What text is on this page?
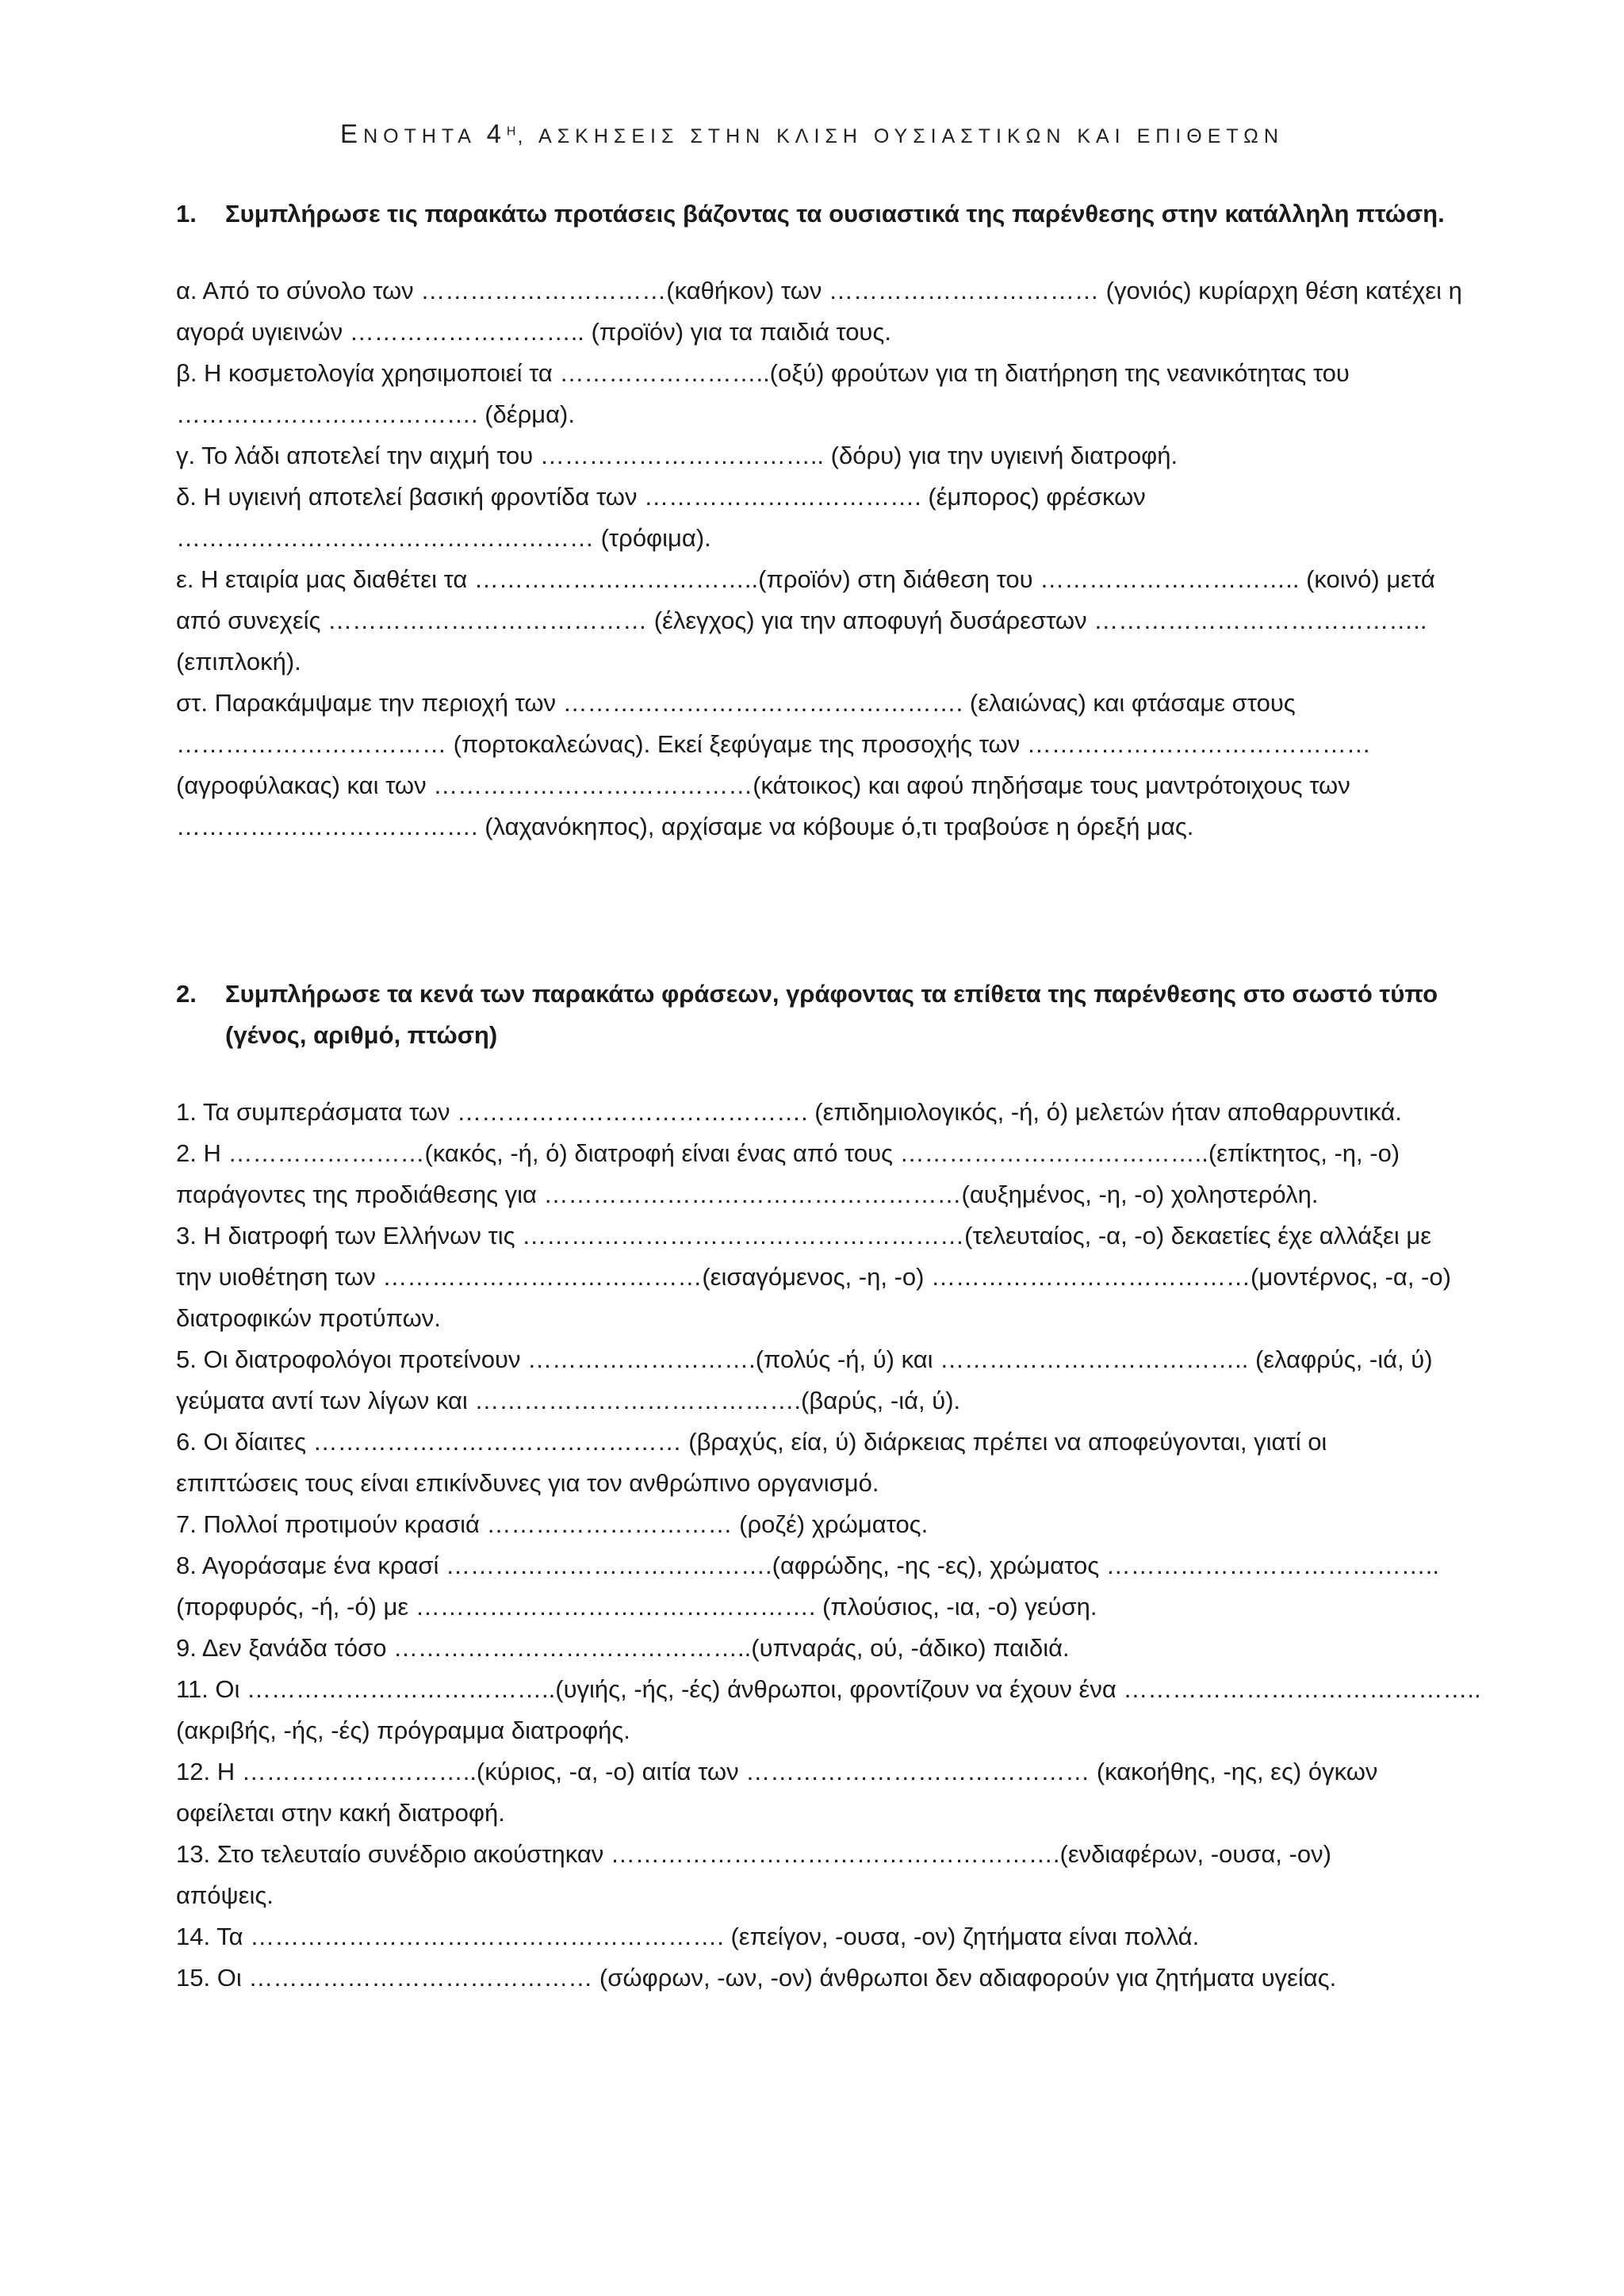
ΕΝΟΤΗΤΑ $4^H$, ΑΣΚΗΣΕΙΣ ΣΤΗΝ ΚΛΙΣΗ ΟΥΣΙΑΣΤΙΚΩΝ ΚΑΙ ΕΠΙΘΕΤΩΝ
1.	Συμπλήρωσε τις παρακάτω προτάσεις βάζοντας τα ουσιαστικά της παρένθεσης στην κατάλληλη πτώση.
α. Από το σύνολο των …………………………(καθήκον) των …………………………… (γονιός) κυρίαρχη θέση κατέχει η
αγορά υγιεινών ……………………….. (προϊόν) για τα παιδιά τους.
β. Η κοσμετολογία χρησιμοποιεί τα ……………………..(οξύ) φρούτων για τη διατήρηση της νεανικότητας του
………………………………. (δέρμα).
γ. Το λάδι αποτελεί την αιχμή του …………………………….. (δόρυ) για την υγιεινή διατροφή.
δ. Η υγιεινή αποτελεί βασική φροντίδα των ……………………………. (έμπορος) φρέσκων
…………………………………………… (τρόφιμα).
ε. Η εταιρία μας διαθέτει τα ……………………………..(προϊόν) στη διάθεση του ………………………….. (κοινό) μετά
από συνεχείς ………………………………… (έλεγχος) για την αποφυγή δυσάρεστων …………………………………..
(επιπλοκή).
στ. Παρακάμψαμε την περιοχή των …………………………………………. (ελαιώνας) και φτάσαμε στους
…………………………… (πορτοκαλεώνας). Εκεί ξεφύγαμε της προσοχής των ……………………………………
(αγροφύλακας) και των …………………………………(κάτοικος) και αφού πηδήσαμε τους μαντρότοιχους των
………………………………. (λαχανόκηπος), αρχίσαμε να κόβουμε ό,τι τραβούσε η όρεξή μας.
2.	Συμπλήρωσε τα κενά των παρακάτω φράσεων, γράφοντας τα επίθετα της παρένθεσης στο σωστό τύπο (γένος, αριθμό, πτώση)
1. Τα συμπεράσματα των ……………………………………. (επιδημιολογικός, -ή, ό) μελετών ήταν αποθαρρυντικά.
2. Η ……………………(κακός, -ή, ό) διατροφή είναι ένας από τους ………………………………..(επίκτητος, -η, -ο)
παράγοντες της προδιάθεσης για ……………………………………………(αυξημένος, -η, -ο) χοληστερόλη.
3. Η διατροφή των Ελλήνων τις ………………………………………………(τελευταίος, -α, -ο) δεκαετίες έχε αλλάξει με
την υιοθέτηση των …………………………………(εισαγόμενος, -η, -ο) …………………………………(μοντέρνος, -α, -ο)
διατροφικών προτύπων.
5. Οι διατροφολόγοι προτείνουν ……………………….(πολύς -ή, ύ) και ……………………………….. (ελαφρύς, -ιά, ύ)
γεύματα αντί των λίγων και ………………………………….(βαρύς, -ιά, ύ).
6. Οι δίαιτες ……………………………………… (βραχύς, εία, ύ) διάρκειας πρέπει να αποφεύγονται, γιατί οι
επιπτώσεις τους είναι επικίνδυνες για τον ανθρώπινο οργανισμό.
7. Πολλοί προτιμούν κρασιά ………………………… (ροζέ) χρώματος.
8. Αγοράσαμε ένα κρασί ………………………………….(αφρώδης, -ης -ες), χρώματος …………………………………..
(πορφυρός, -ή, -ό) με …………………………………………. (πλούσιος, -ια, -ο) γεύση.
9. Δεν ξανάδα τόσο ……………………………………..(υπναράς, ού, -άδικο) παιδιά.
11. Οι ………………………………..(υγιής, -ής, -ές) άνθρωποι, φροντίζουν να έχουν ένα ……………………………………..
(ακριβής, -ής, -ές) πρόγραμμα διατροφής.
12. Η ………………………..(κύριος, -α, -ο) αιτία των …………………………………… (κακοήθης, -ης, ες) όγκων
οφείλεται στην κακή διατροφή.
13. Στο τελευταίο συνέδριο ακούστηκαν ……………………………………………….(ενδιαφέρων, -ουσα, -ον)
απόψεις.
14. Τα …………………………………………………. (επείγον, -ουσα, -ον) ζητήματα είναι πολλά.
15. Οι …………………………………… (σώφρων, -ων, -ον) άνθρωποι δεν αδιαφορούν για ζητήματα υγείας.
